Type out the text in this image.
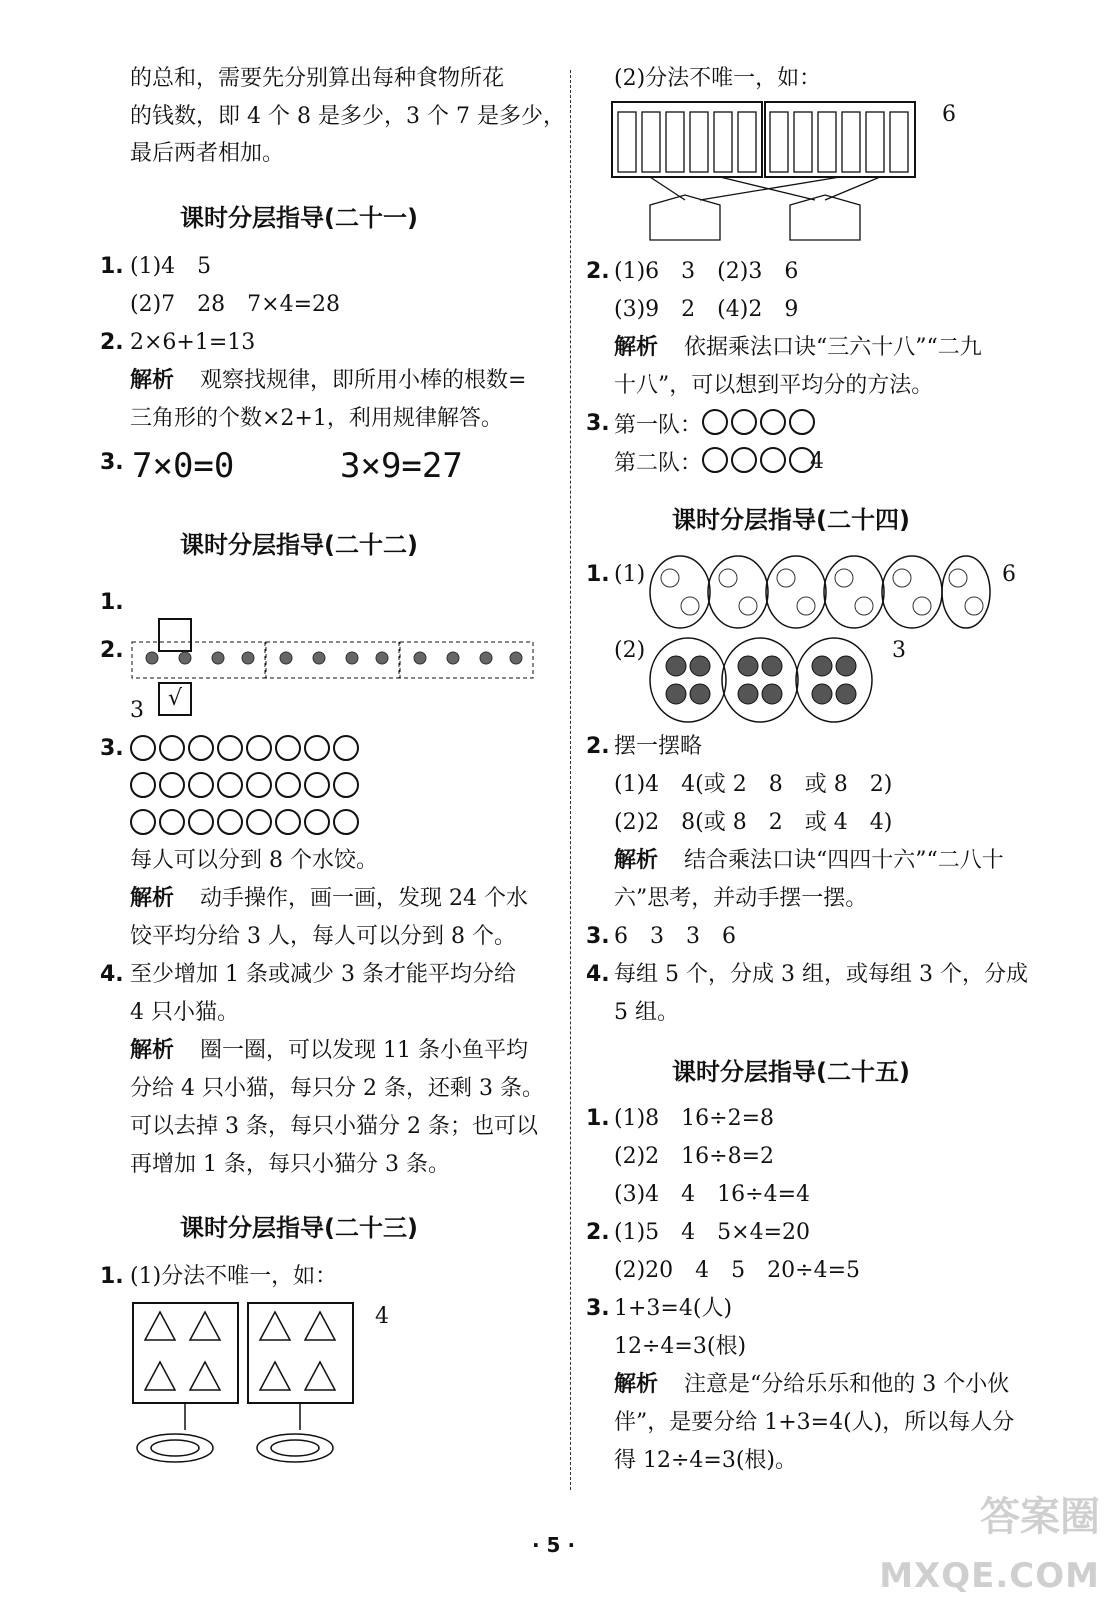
的总和，需要先分别算出每种食物所花
的钱数，即 4 个 8 是多少，3 个 7 是多少，
最后两者相加。
课时分层指导(二十一)
1. (1)4　5
(2)7　28　7×4=28
2. 2×6+1=13
解析 观察找规律，即所用小棒的根数=
三角形的个数×2+1，利用规律解答。
3. 7×0=0	3×9=27
课时分层指导(二十二)
1.

√

2.
3
3.
每人可以分到 8 个水饺。
解析 动手操作，画一画，发现 24 个水
饺平均分给 3 人，每人可以分到 8 个。
4. 至少增加 1 条或减少 3 条才能平均分给
4 只小猫。
解析 圈一圈，可以发现 11 条小鱼平均
分给 4 只小猫，每只分 2 条，还剩 3 条。
可以去掉 3 条，每只小猫分 2 条；也可以
再增加 1 条，每只小猫分 3 条。
课时分层指导(二十三)
1. (1)分法不唯一，如：
4
(2)分法不唯一，如：
6
2. (1)6　3　(2)3　6
(3)9　2　(4)2　9
解析 依据乘法口诀“三六十八”“二九
十八”，可以想到平均分的方法。
3. 第一队：
第二队：	4
课时分层指导(二十四)
1. (1)	6
(2)	3
2. 摆一摆略
(1)4　4(或 2　8　或 8　2)
(2)2　8(或 8　2　或 4　4)
解析 结合乘法口诀“四四十六”“二八十
六”思考，并动手摆一摆。
3. 6　3　3　6
4. 每组 5 个，分成 3 组，或每组 3 个，分成
5 组。
课时分层指导(二十五)
1. (1)8　16÷2=8
(2)2　16÷8=2
(3)4　4　16÷4=4
2. (1)5　4　5×4=20
(2)20　4　5　20÷4=5
3. 1+3=4(人)
12÷4=3(根)
解析 注意是“分给乐乐和他的 3 个小伙
伴”，是要分给 1+3=4(人)，所以每人分
得 12÷4=3(根)。
· 5 ·
答案圈
MXQE.COM
